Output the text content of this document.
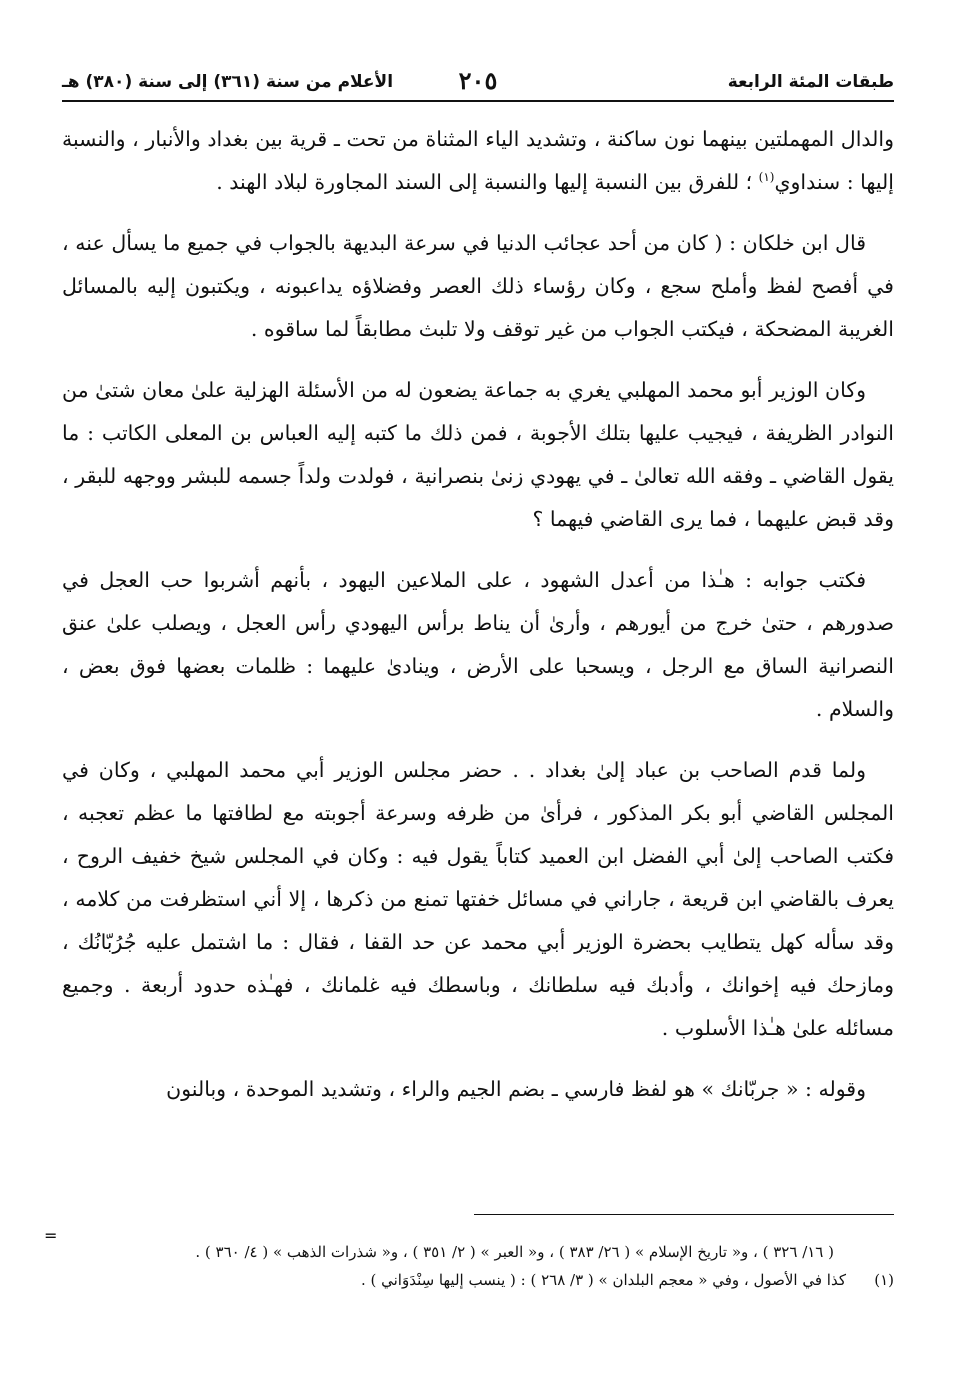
طبقات المئة الرابعة
٢٠٥
الأعلام من سنة (٣٦١) إلى سنة (٣٨٠) هـ

والدال المهملتين بينهما نون ساكنة ، وتشديد الياء المثناة من تحت ـ قرية بين بغداد والأنبار ، والنسبة إليها : سنداوي$^{(١)}$ ؛ للفرق بين النسبة إليها والنسبة إلى السند المجاورة لبلاد الهند .

قال ابن خلكان : ( كان من أحد عجائب الدنيا في سرعة البديهة بالجواب في جميع ما يسأل عنه ، في أفصح لفظ وأملح سجع ، وكان رؤساء ذلك العصر وفضلاؤه يداعبونه ، ويكتبون إليه بالمسائل الغريبة المضحكة ، فيكتب الجواب من غير توقف ولا تلبث مطابقاً لما ساقوه .

وكان الوزير أبو محمد المهلبي يغري به جماعة يضعون له من الأسئلة الهزلية علىٰ معان شتىٰ من النوادر الظريفة ، فيجيب عليها بتلك الأجوبة ، فمن ذلك ما كتبه إليه العباس بن المعلى الكاتب : ما يقول القاضي ـ وفقه الله تعالىٰ ـ في يهودي زنىٰ بنصرانية ، فولدت ولداً جسمه للبشر ووجهه للبقر ، وقد قبض عليهما ، فما يرى القاضي فيهما ؟

فكتب جوابه : هـٰذا من أعدل الشهود ، على الملاعين اليهود ، بأنهم أشربوا حب العجل في صدورهم ، حتىٰ خرج من أيورهم ، وأرىٰ أن يناط برأس اليهودي رأس العجل ، ويصلب علىٰ عنق النصرانية الساق مع الرجل ، ويسحبا على الأرض ، وينادىٰ عليهما : ظلمات بعضها فوق بعض ، والسلام .

ولما قدم الصاحب بن عباد إلىٰ بغداد . . حضر مجلس الوزير أبي محمد المهلبي ، وكان في المجلس القاضي أبو بكر المذكور ، فرأىٰ من ظرفه وسرعة أجوبته مع لطافتها ما عظم تعجبه ، فكتب الصاحب إلىٰ أبي الفضل ابن العميد كتاباً يقول فيه : وكان في المجلس شيخ خفيف الروح ، يعرف بالقاضي ابن قريعة ، جاراني في مسائل خفتها تمنع من ذكرها ، إلا أني استظرفت من كلامه ، وقد سأله كهل يتطايب بحضرة الوزير أبي محمد عن حد القفا ، فقال : ما اشتمل عليه جُرُبّانُك ، ومازحك فيه إخوانك ، وأدبك فيه سلطانك ، وباسطك فيه غلمانك ، فهـٰذه حدود أربعة . وجميع مسائله علىٰ هـٰذا الأسلوب .

وقوله : « جربّانك » هو لفظ فارسي ـ بضم الجيم والراء ، وتشديد الموحدة ، وبالنون

=

( ١٦/ ٣٢٦ ) ، و« تاريخ الإسلام » ( ٢٦/ ٣٨٣ ) ، و« العبر » ( ٢/ ٣٥١ ) ، و« شذرات الذهب » ( ٤/ ٣٦٠ ) .

(١)كذا في الأصول ، وفي « معجم البلدان » ( ٣/ ٢٦٨ ) : ( ينسب إليها سِنْدَوَاني ) .
